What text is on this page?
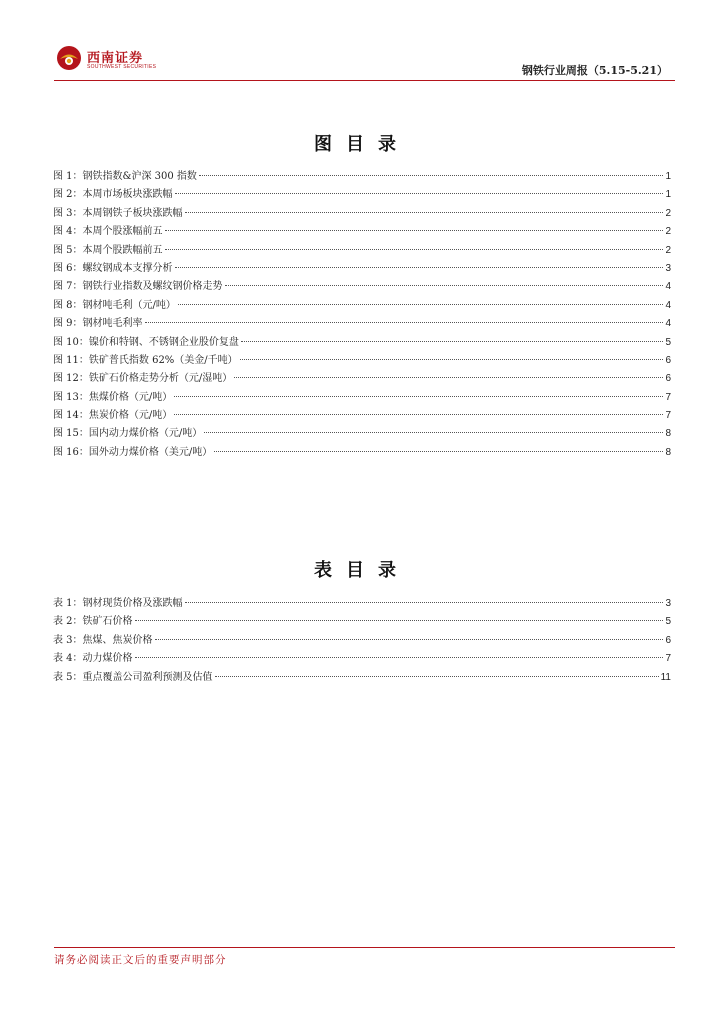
西南证券
SOUTHWEST SECURITIES	钢铁行业周报（5.15-5.21）
图目录
图 1：钢铁指数&沪深 300 指数	1
图 2：本周市场板块涨跌幅	1
图 3：本周钢铁子板块涨跌幅	2
图 4：本周个股涨幅前五	2
图 5：本周个股跌幅前五	2
图 6：螺纹钢成本支撑分析	3
图 7：钢铁行业指数及螺纹钢价格走势	4
图 8：钢材吨毛利（元/吨）	4
图 9：钢材吨毛利率	4
图 10：镍价和特钢、不锈钢企业股价复盘	5
图 11：铁矿普氏指数 62%（美金/千吨）	6
图 12：铁矿石价格走势分析（元/湿吨）	6
图 13：焦煤价格（元/吨）	7
图 14：焦炭价格（元/吨）	7
图 15：国内动力煤价格（元/吨）	8
图 16：国外动力煤价格（美元/吨）	8
表目录
表 1：钢材现货价格及涨跌幅	3
表 2：铁矿石价格	5
表 3：焦煤、焦炭价格	6
表 4：动力煤价格	7
表 5：重点覆盖公司盈利预测及估值	11
请务必阅读正文后的重要声明部分
